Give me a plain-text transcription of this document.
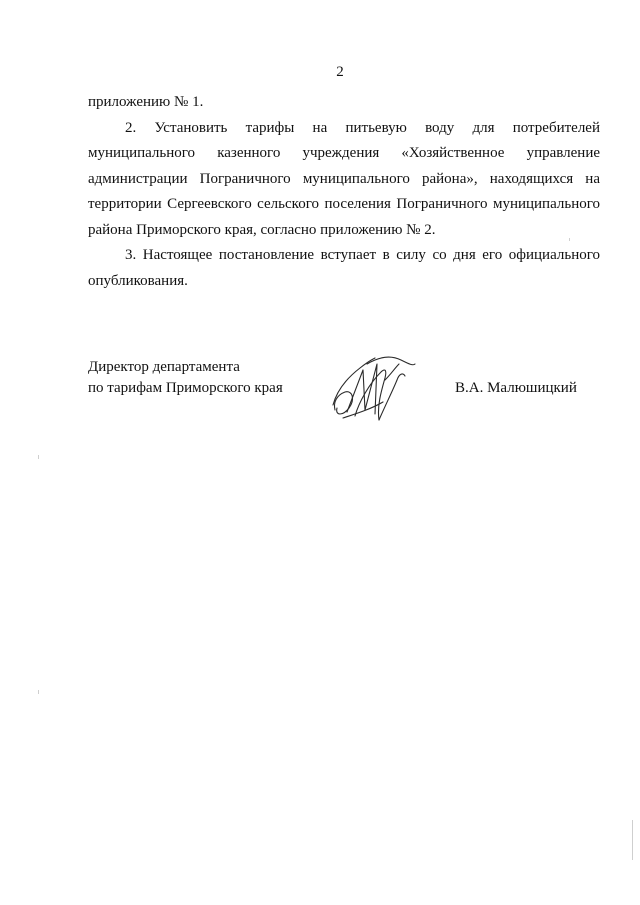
2

приложению № 1.

2. Установить тарифы на питьевую воду для потребителей муниципального казенного учреждения «Хозяйственное управление администрации Пограничного муниципального района», находящихся на территории Сергеевского сельского поселения Пограничного муниципального района Приморского края, согласно приложению № 2.

3. Настоящее постановление вступает в силу со дня его официального опубликования.

Директор департамента
по тарифам Приморского края	В.А. Малюшицкий
